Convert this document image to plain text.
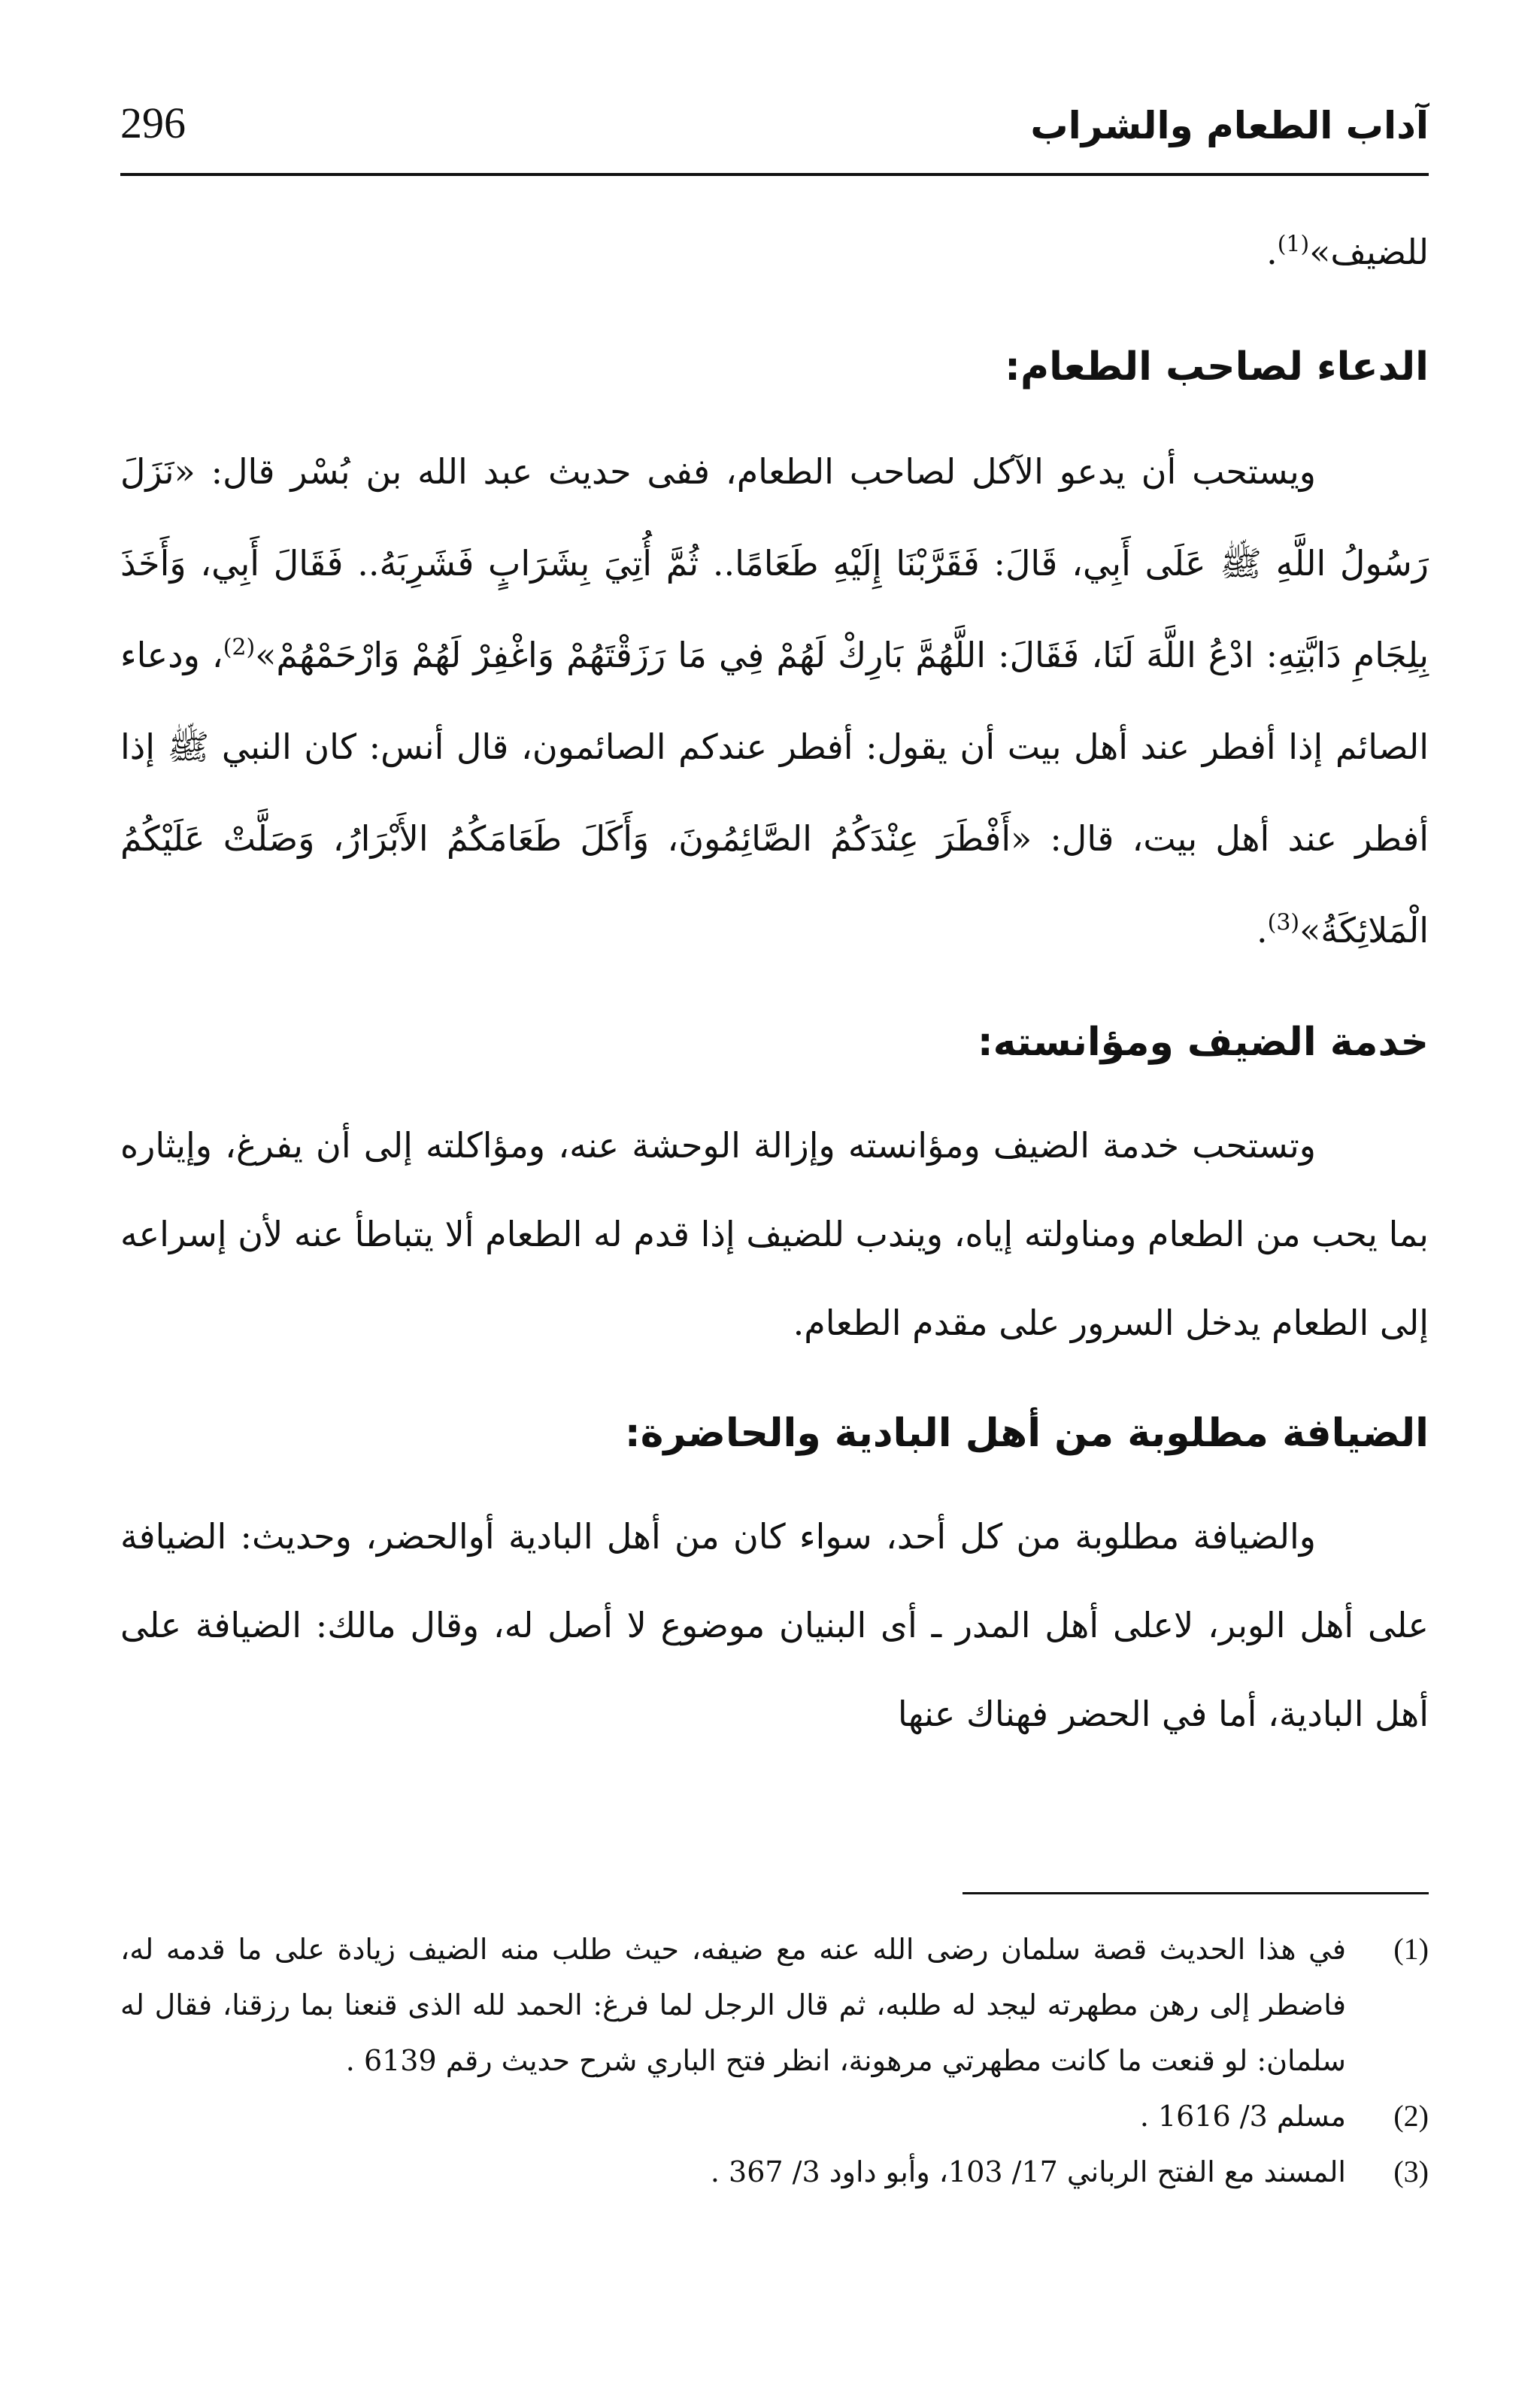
آداب الطعام والشراب
296

للضيف»$^{(1)}$.

الدعاء لصاحب الطعام:

ويستحب أن يدعو الآكل لصاحب الطعام، ففى حديث عبد الله بن بُسْر قال: «نَزَلَ رَسُولُ اللَّهِ ﷺ عَلَى أَبِي، قَالَ: فَقَرَّبْنَا إِلَيْهِ طَعَامًا.. ثُمَّ أُتِيَ بِشَرَابٍ فَشَرِبَهُ.. فَقَالَ أَبِي، وَأَخَذَ بِلِجَامِ دَابَّتِهِ: ادْعُ اللَّهَ لَنَا، فَقَالَ: اللَّهُمَّ بَارِكْ لَهُمْ فِي مَا رَزَقْتَهُمْ وَاغْفِرْ لَهُمْ وَارْحَمْهُمْ»$^{(2)}$، ودعاء الصائم إذا أفطر عند أهل بيت أن يقول: أفطر عندكم الصائمون، قال أنس: كان النبي ﷺ إذا أفطر عند أهل بيت، قال: «أَفْطَرَ عِنْدَكُمُ الصَّائِمُونَ، وَأَكَلَ طَعَامَكُمُ الأَبْرَارُ، وَصَلَّتْ عَلَيْكُمُ الْمَلائِكَةُ»$^{(3)}$.

خدمة الضيف ومؤانسته:

وتستحب خدمة الضيف ومؤانسته وإزالة الوحشة عنه، ومؤاكلته إلى أن يفرغ، وإيثاره بما يحب من الطعام ومناولته إياه، ويندب للضيف إذا قدم له الطعام ألا يتباطأ عنه لأن إسراعه إلى الطعام يدخل السرور على مقدم الطعام.

الضيافة مطلوبة من أهل البادية والحاضرة:

والضيافة مطلوبة من كل أحد، سواء كان من أهل البادية أوالحضر، وحديث: الضيافة على أهل الوبر، لاعلى أهل المدر ـ أى البنيان موضوع لا أصل له، وقال مالك: الضيافة على أهل البادية، أما في الحضر فهناك عنها

(1)
في هذا الحديث قصة سلمان رضى الله عنه مع ضيفه، حيث طلب منه الضيف زيادة على ما قدمه له، فاضطر إلى رهن مطهرته ليجد له طلبه، ثم قال الرجل لما فرغ: الحمد لله الذى قنعنا بما رزقنا، فقال له سلمان: لو قنعت ما كانت مطهرتي مرهونة، انظر فتح الباري شرح حديث رقم 6139 .

(2)
مسلم 3/ 1616 .

(3)
المسند مع الفتح الرباني 17/ 103، وأبو داود 3/ 367 .
